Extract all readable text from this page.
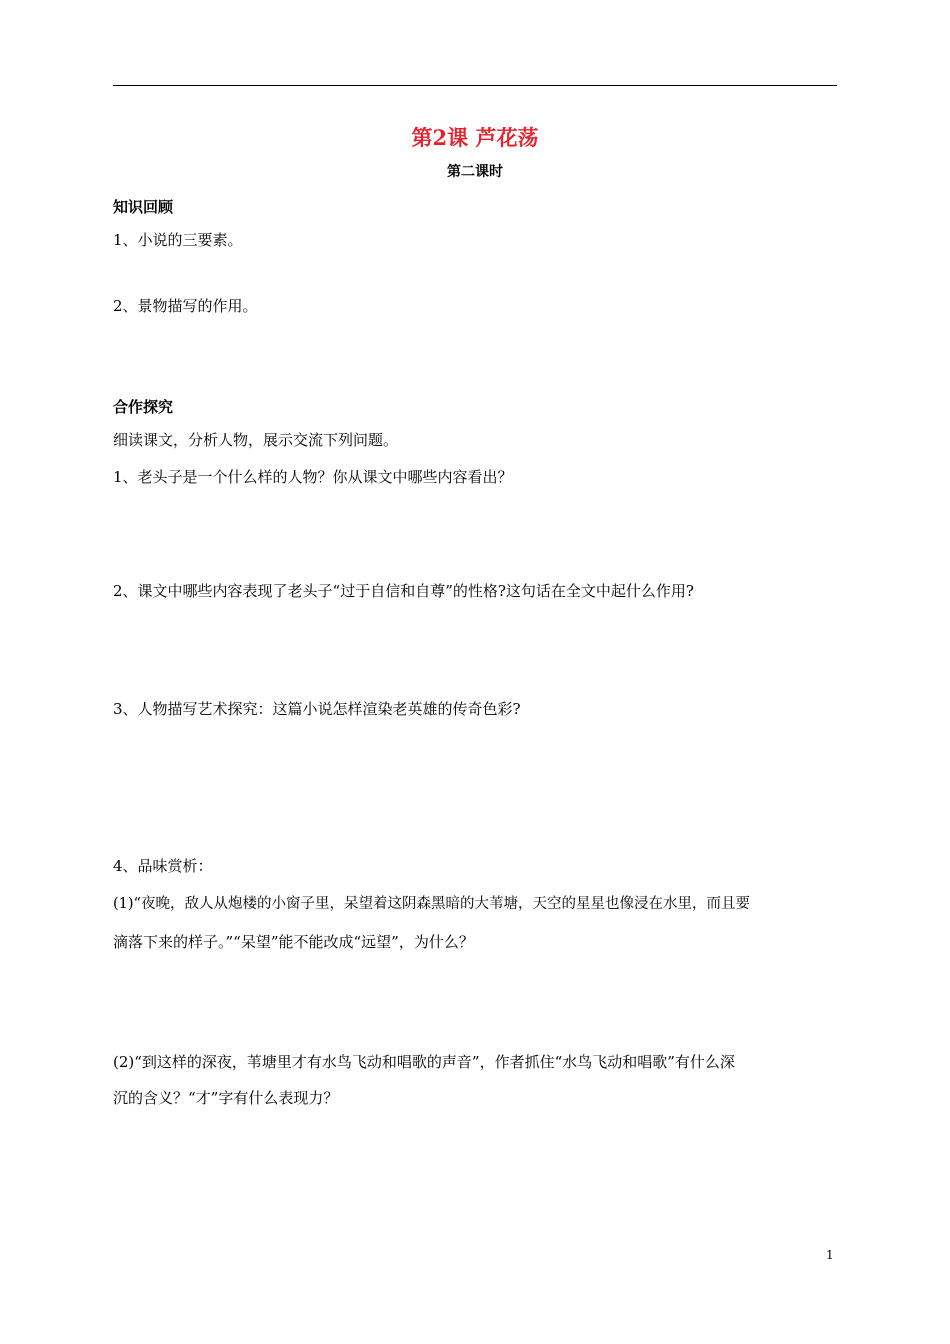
第2课 芦花荡
第二课时
知识回顾
1、小说的三要素。
2、景物描写的作用。
合作探究
细读课文，分析人物，展示交流下列问题。
1、老头子是一个什么样的人物？你从课文中哪些内容看出？
2、课文中哪些内容表现了老头子“过于自信和自尊”的性格?这句话在全文中起什么作用?
3、人物描写艺术探究：这篇小说怎样渲染老英雄的传奇色彩?
4、品味赏析：
(1)“夜晚，敌人从炮楼的小窗子里，呆望着这阴森黑暗的大苇塘，天空的星星也像浸在水里，而且要
滴落下来的样子。”“呆望”能不能改成“远望”，为什么？
(2)“到这样的深夜，苇塘里才有水鸟飞动和唱歌的声音”，作者抓住“水鸟飞动和唱歌”有什么深
沉的含义？“才”字有什么表现力？
1
